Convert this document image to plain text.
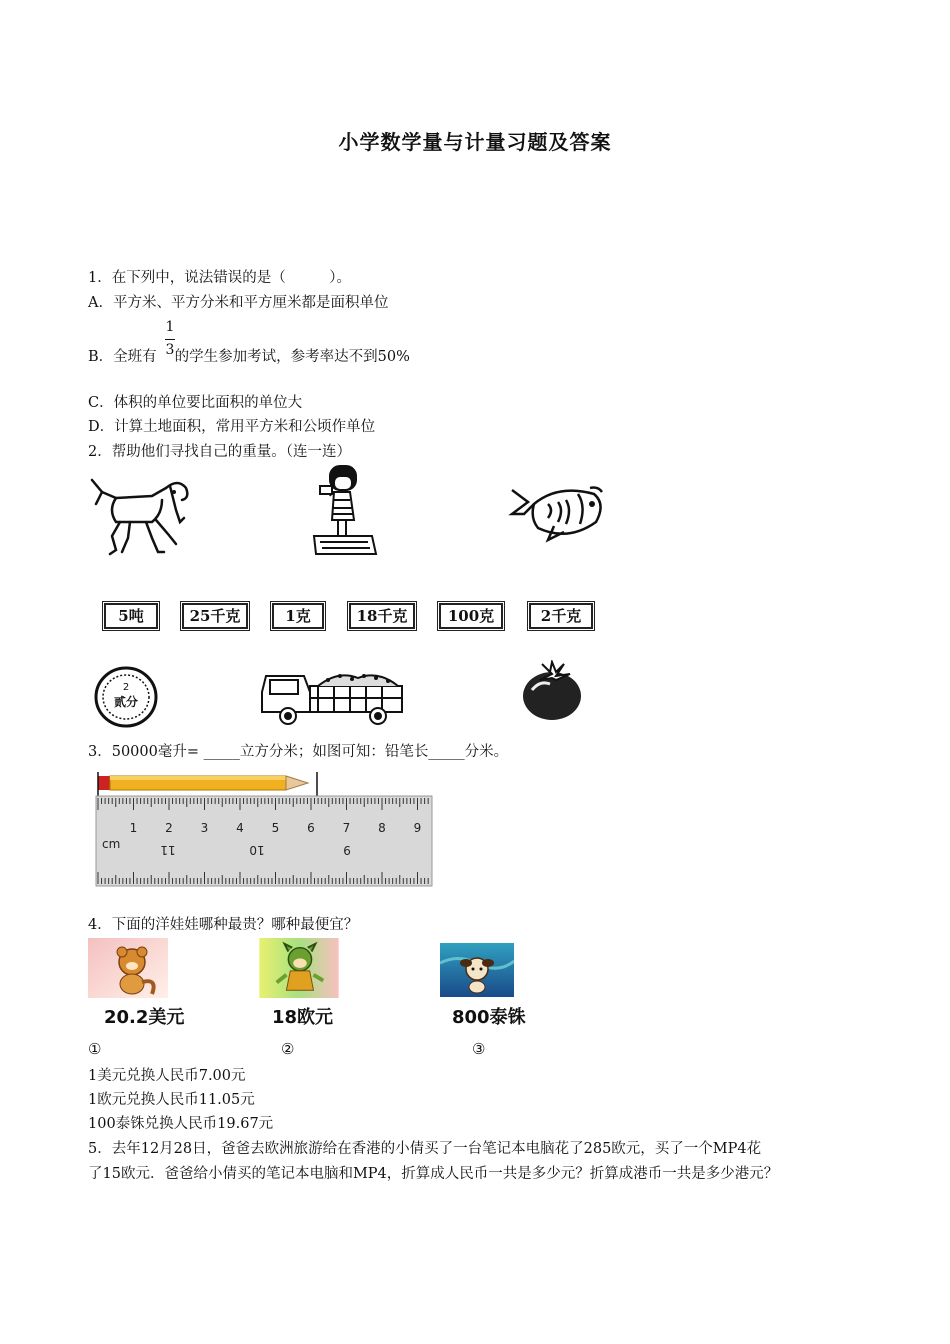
小学数学量与计量习题及答案
1．在下列中，说法错误的是（　　　）。
A．平方米、平方分米和平方厘米都是面积单位
B．全班有 的学生参加考试，参考率达不到50%
1
3
C．体积的单位要比面积的单位大
D．计算土地面积，常用平方米和公顷作单位
2．帮助他们寻找自己的重量。（连一连）
5吨	25千克	1克	18千克	100克	2千克
2
贰分
3．50000毫升= _____立方分米；如图可知：铅笔长_____分米。
1 2 3 4 5 6 7 8 9
cm	11	10	9
4．下面的洋娃娃哪种最贵？哪种最便宜？
20.2美元	18欧元	800泰铢
①	②	③
1美元兑换人民币7.00元
1欧元兑换人民币11.05元
100泰铢兑换人民币19.67元
5．去年12月28日，爸爸去欧洲旅游给在香港的小倩买了一台笔记本电脑花了285欧元，买了一个MP4花
了15欧元．爸爸给小倩买的笔记本电脑和MP4，折算成人民币一共是多少元？折算成港币一共是多少港元？
